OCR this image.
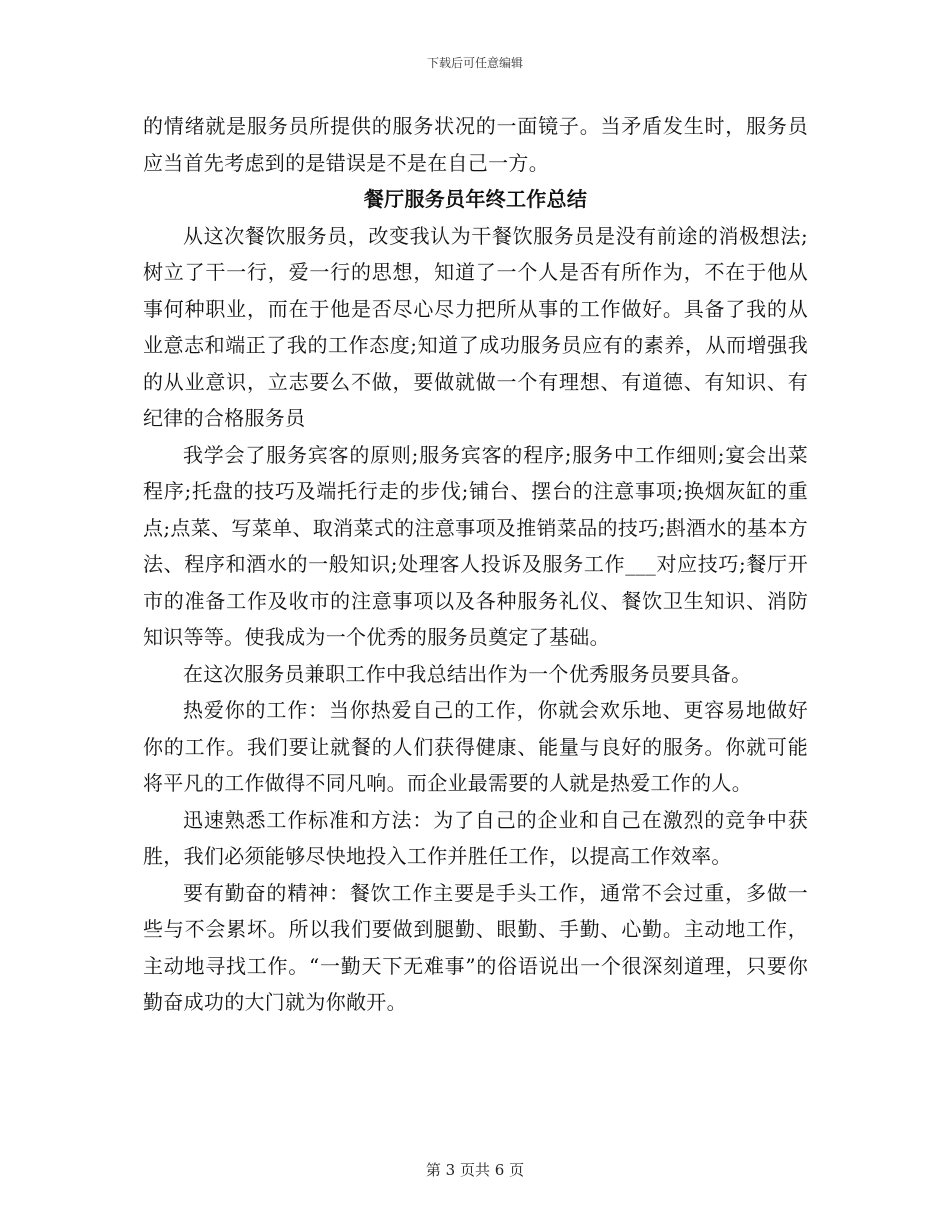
下载后可任意编辑

的情绪就是服务员所提供的服务状况的一面镜子。当矛盾发生时，服务员应当首先考虑到的是错误是不是在自己一方。

餐厅服务员年终工作总结

从这次餐饮服务员，改变我认为干餐饮服务员是没有前途的消极想法;树立了干一行，爱一行的思想，知道了一个人是否有所作为，不在于他从事何种职业，而在于他是否尽心尽力把所从事的工作做好。具备了我的从业意志和端正了我的工作态度;知道了成功服务员应有的素养，从而增强我的从业意识，立志要么不做，要做就做一个有理想、有道德、有知识、有纪律的合格服务员

我学会了服务宾客的原则;服务宾客的程序;服务中工作细则;宴会出菜程序;托盘的技巧及端托行走的步伐;铺台、摆台的注意事项;换烟灰缸的重点;点菜、写菜单、取消菜式的注意事项及推销菜品的技巧;斟酒水的基本方法、程序和酒水的一般知识;处理客人投诉及服务工作___对应技巧;餐厅开市的准备工作及收市的注意事项以及各种服务礼仪、餐饮卫生知识、消防知识等等。使我成为一个优秀的服务员奠定了基础。

在这次服务员兼职工作中我总结出作为一个优秀服务员要具备。

热爱你的工作：当你热爱自己的工作，你就会欢乐地、更容易地做好你的工作。我们要让就餐的人们获得健康、能量与良好的服务。你就可能将平凡的工作做得不同凡响。而企业最需要的人就是热爱工作的人。

迅速熟悉工作标准和方法：为了自己的企业和自己在激烈的竞争中获胜，我们必须能够尽快地投入工作并胜任工作，以提高工作效率。

要有勤奋的精神：餐饮工作主要是手头工作，通常不会过重，多做一些与不会累坏。所以我们要做到腿勤、眼勤、手勤、心勤。主动地工作，主动地寻找工作。“一勤天下无难事”的俗语说出一个很深刻道理，只要你勤奋成功的大门就为你敞开。

第 3 页共 6 页
